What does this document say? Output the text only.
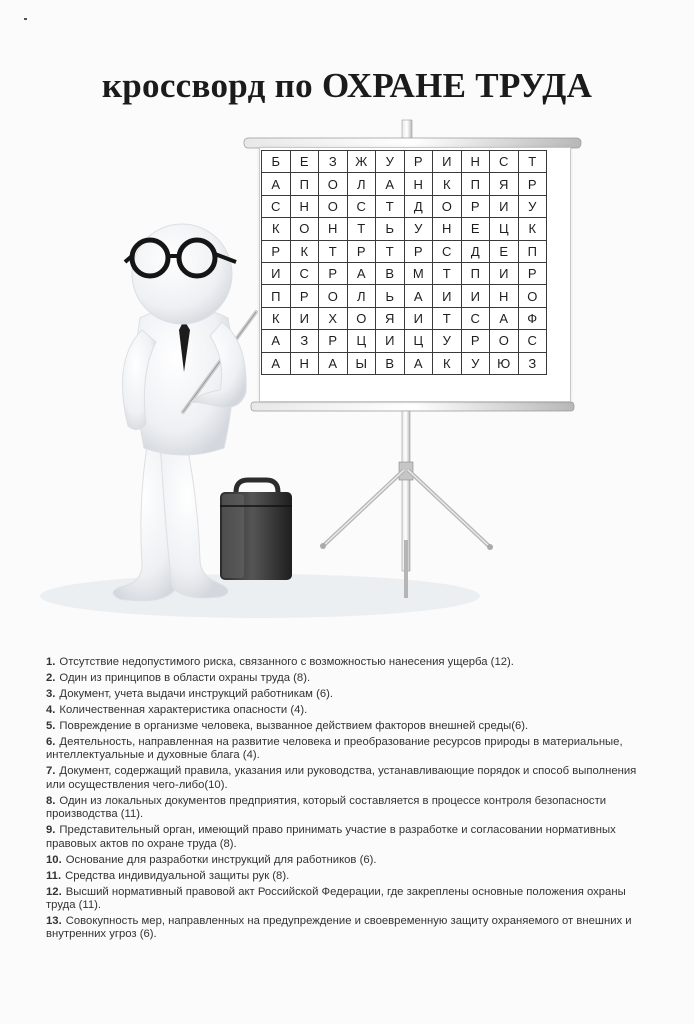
кроссворд по ОХРАНЕ ТРУДА
Б	Е	З	Ж	У	Р	И	Н	С	Т
А	П	О	Л	А	Н	К	П	Я	Р
С	Н	О	С	Т	Д	О	Р	И	У
К	О	Н	Т	Ь	У	Н	Е	Ц	К
Р	К	Т	Р	Т	Р	С	Д	Е	П
И	С	Р	А	В	М	Т	П	И	Р
П	Р	О	Л	Ь	А	И	И	Н	О
К	И	Х	О	Я	И	Т	С	А	Ф
А	З	Р	Ц	И	Ц	У	Р	О	С
А	Н	А	Ы	В	А	К	У	Ю	З
1. Отсутствие недопустимого риска, связанного с возможностью нанесения ущерба (12).
2. Один из принципов в области охраны труда (8).
3. Документ, учета выдачи инструкций работникам (6).
4. Количественная характеристика опасности (4).
5. Повреждение в организме человека, вызванное действием факторов внешней среды(6).
6. Деятельность, направленная на развитие человека и преобразование ресурсов природы в материальные, интеллектуальные и духовные блага (4).
7. Документ, содержащий правила, указания или руководства, устанавливающие порядок и способ выполнения или осуществления чего-либо(10).
8. Один из локальных документов предприятия, который составляется в процессе контроля безопасности производства (11).
9. Представительный орган, имеющий право принимать участие в разработке и согласовании нормативных правовых актов по охране труда (8).
10. Основание для разработки инструкций для работников (6).
11. Средства индивидуальной защиты рук (8).
12. Высший нормативный правовой акт Российской Федерации, где закреплены основные положения охраны труда (11).
13. Совокупность мер, направленных на предупреждение и своевременную защиту охраняемого от внешних и внутренних угроз (6).
